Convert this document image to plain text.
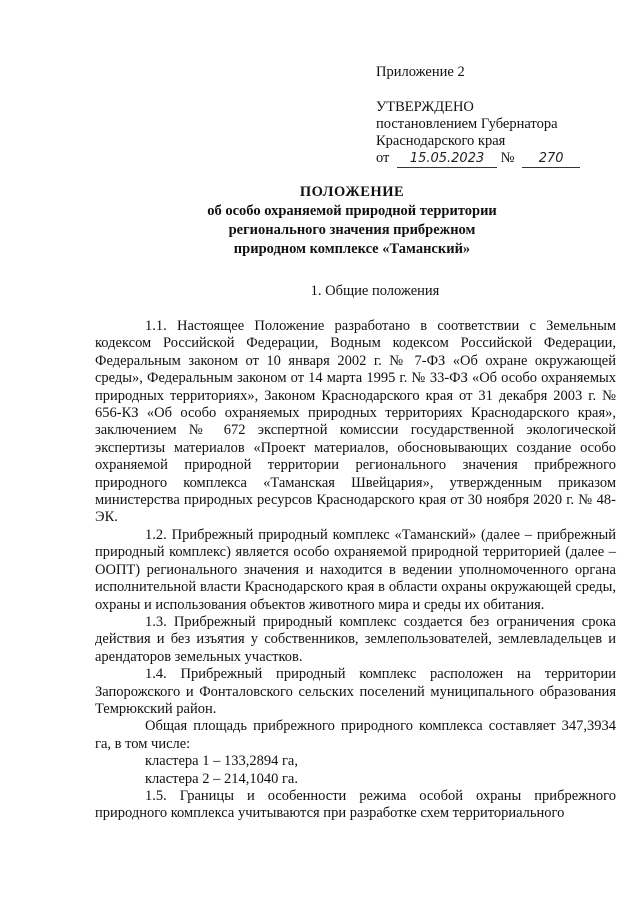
Приложение 2
УТВЕРЖДЕНО
постановлением Губернатора
Краснодарского края
от 15.05.2023 № 270
ПОЛОЖЕНИЕ
об особо охраняемой природной территории
регионального значения прибрежном
природном комплексе «Таманский»
1. Общие положения

1.1. Настоящее Положение разработано в соответствии с Земельным кодексом Российской Федерации, Водным кодексом Российской Федерации, Федеральным законом от 10 января 2002 г. № 7-ФЗ «Об охране окружающей среды», Федеральным законом от 14 марта 1995 г. № 33-ФЗ «Об особо охраняемых природных территориях», Законом Краснодарского края от 31 декабря 2003 г. № 656-КЗ «Об особо охраняемых природных территориях Краснодарского края», заключением № 672 экспертной комиссии государственной экологической экспертизы материалов «Проект материалов, обосновывающих создание особо охраняемой природной территории регионального значения прибрежного природного комплекса «Таманская Швейцария», утвержденным приказом министерства природных ресурсов Краснодарского края от 30 ноября 2020 г. № 48-ЭК.

1.2. Прибрежный природный комплекс «Таманский» (далее – прибрежный природный комплекс) является особо охраняемой природной территорией (далее – ООПТ) регионального значения и находится в ведении уполномоченного органа исполнительной власти Краснодарского края в области охраны окружающей среды, охраны и использования объектов животного мира и среды их обитания.

1.3. Прибрежный природный комплекс создается без ограничения срока действия и без изъятия у собственников, землепользователей, землевладельцев и арендаторов земельных участков.

1.4. Прибрежный природный комплекс расположен на территории Запорожского и Фонталовского сельских поселений муниципального образования Темрюкский район.

Общая площадь прибрежного природного комплекса составляет 347,3934 га, в том числе:

кластера 1 – 133,2894 га,

кластера 2 – 214,1040 га.

1.5. Границы и особенности режима особой охраны прибрежного природного комплекса учитываются при разработке схем территориального
